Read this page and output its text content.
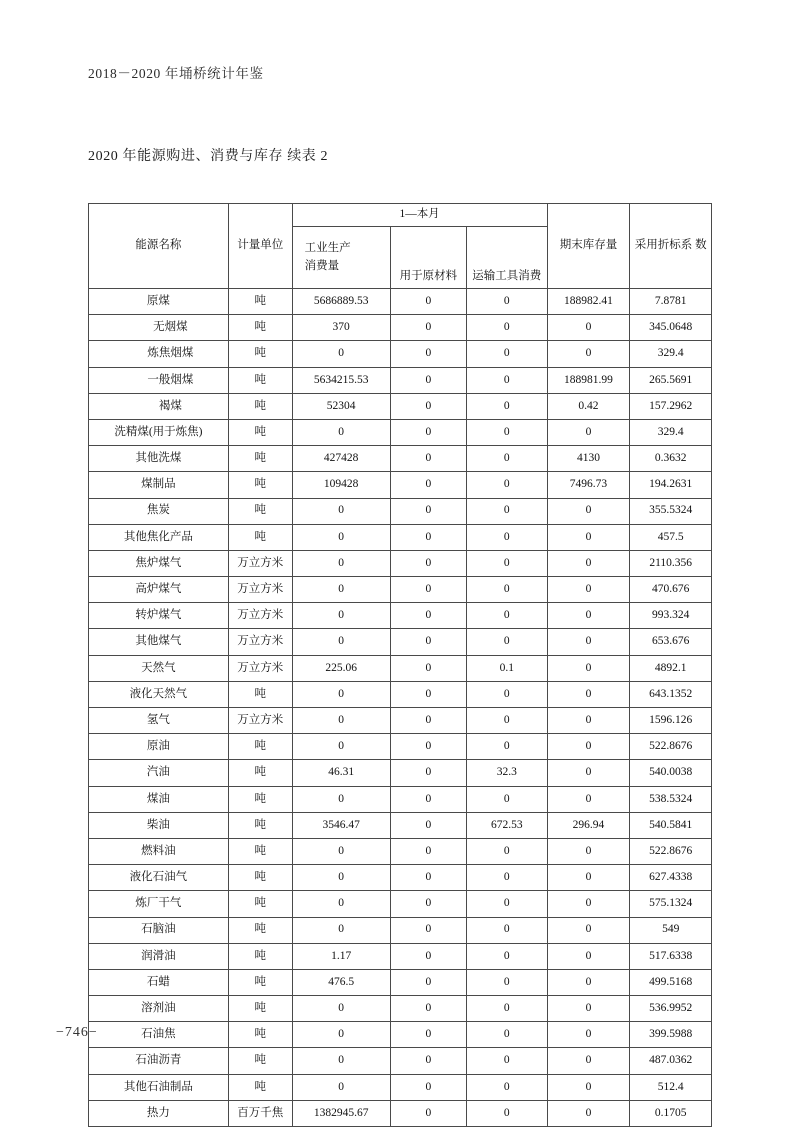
2018－2020 年埇桥统计年鉴
2020 年能源购进、消费与库存 续表 2
能源名称	计量单位	1—本月			期末库存量	采用折标系 数

		工业生产
消费量				

			用于原材料	运输工具消费		
原煤	吨	5686889.53	0	0	188982.41	7.8781
无烟煤	吨	370	0	0	0	345.0648
炼焦烟煤	吨	0	0	0	0	329.4
一般烟煤	吨	5634215.53	0	0	188981.99	265.5691
褐煤	吨	52304	0	0	0.42	157.2962
洗精煤(用于炼焦)	吨	0	0	0	0	329.4
其他洗煤	吨	427428	0	0	4130	0.3632
煤制品	吨	109428	0	0	7496.73	194.2631
焦炭	吨	0	0	0	0	355.5324
其他焦化产品	吨	0	0	0	0	457.5
焦炉煤气	万立方米	0	0	0	0	2110.356
高炉煤气	万立方米	0	0	0	0	470.676
转炉煤气	万立方米	0	0	0	0	993.324
其他煤气	万立方米	0	0	0	0	653.676
天然气	万立方米	225.06	0	0.1	0	4892.1
液化天然气	吨	0	0	0	0	643.1352
氢气	万立方米	0	0	0	0	1596.126
原油	吨	0	0	0	0	522.8676
汽油	吨	46.31	0	32.3	0	540.0038
煤油	吨	0	0	0	0	538.5324
柴油	吨	3546.47	0	672.53	296.94	540.5841
燃料油	吨	0	0	0	0	522.8676
液化石油气	吨	0	0	0	0	627.4338
炼厂干气	吨	0	0	0	0	575.1324
石脑油	吨	0	0	0	0	549
润滑油	吨	1.17	0	0	0	517.6338
石蜡	吨	476.5	0	0	0	499.5168
溶剂油	吨	0	0	0	0	536.9952
石油焦	吨	0	0	0	0	399.5988
石油沥青	吨	0	0	0	0	487.0362
其他石油制品	吨	0	0	0	0	512.4
热力	百万千焦	1382945.67	0	0	0	0.1705
−746−
